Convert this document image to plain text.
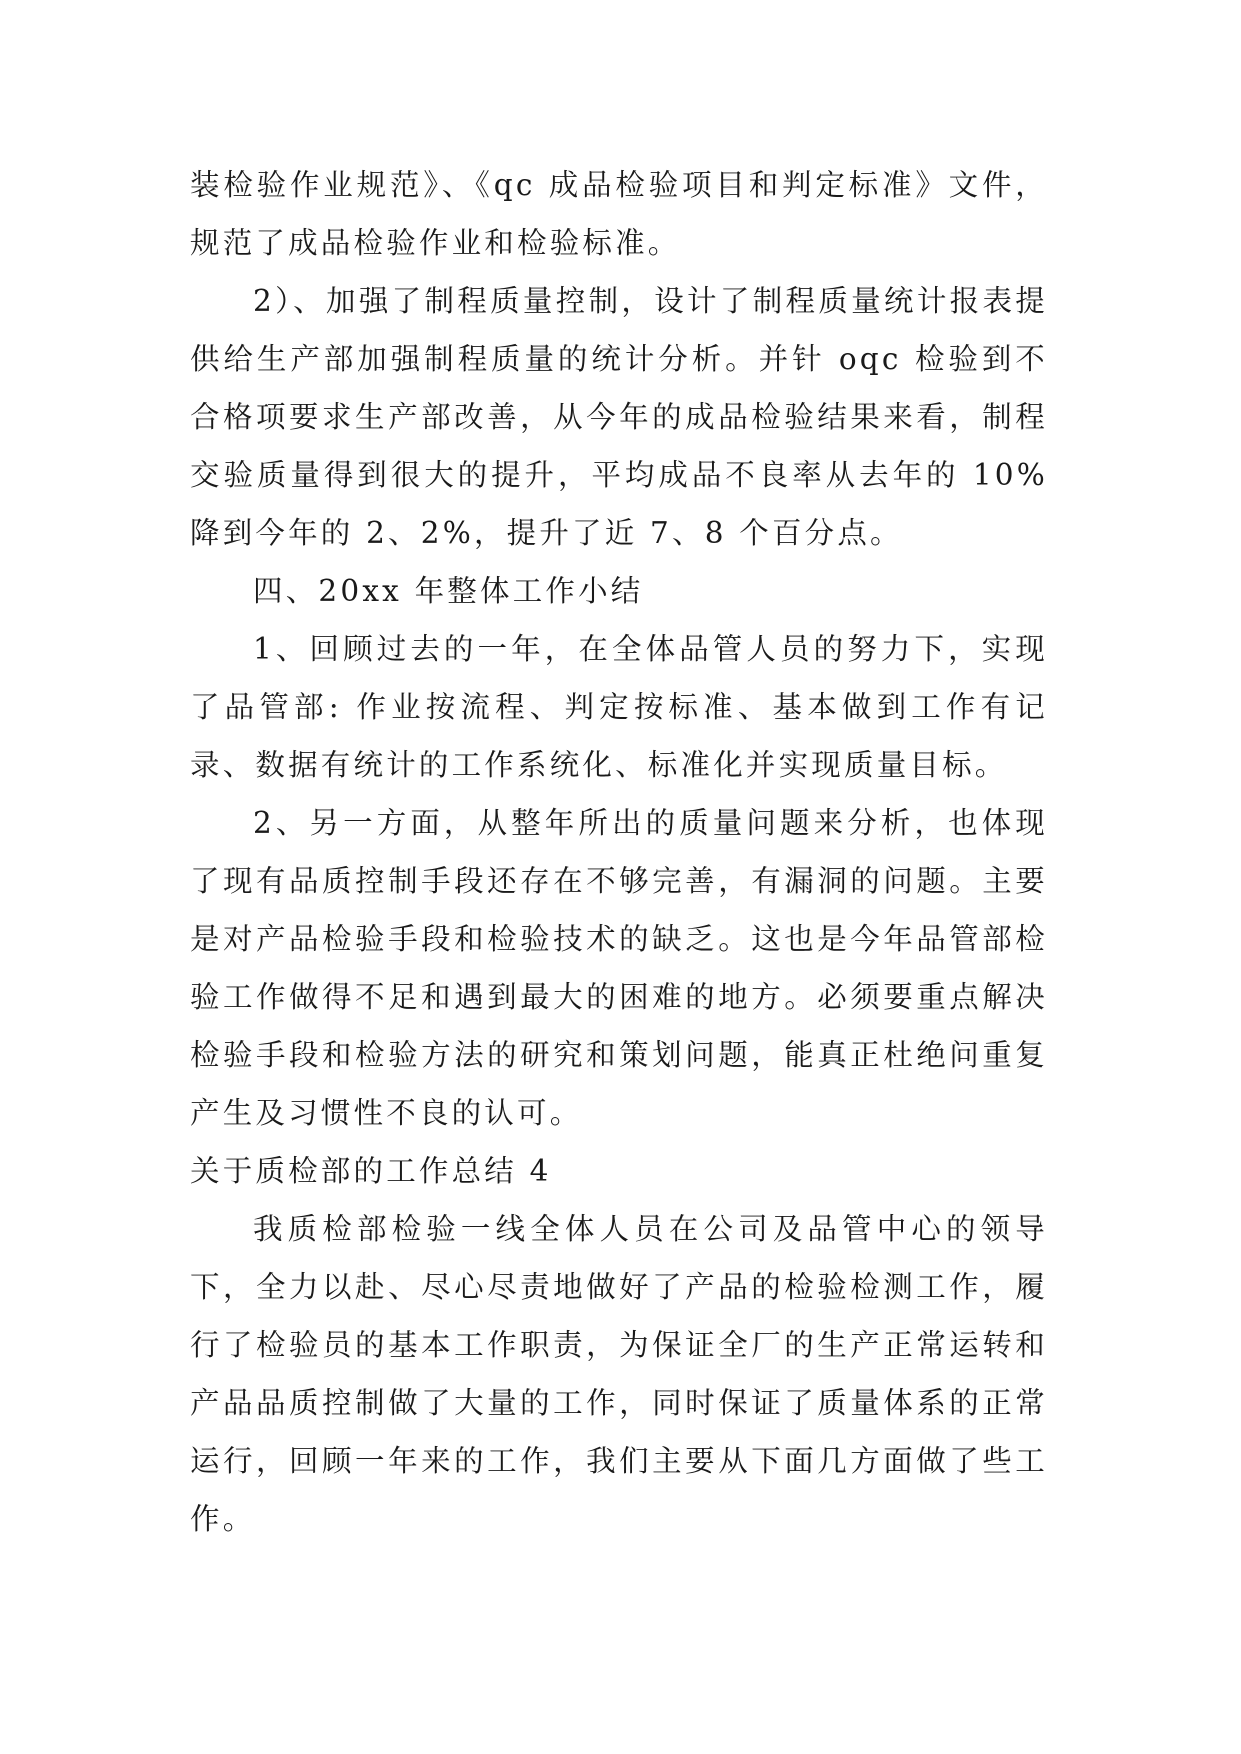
装检验作业规范》、《qc 成品检验项目和判定标准》文件，规范了成品检验作业和检验标准。

2）、加强了制程质量控制，设计了制程质量统计报表提供给生产部加强制程质量的统计分析。并针 oqc 检验到不合格项要求生产部改善，从今年的成品检验结果来看，制程交验质量得到很大的提升，平均成品不良率从去年的 10%降到今年的 2、2%，提升了近 7、8 个百分点。

四、20xx 年整体工作小结

1、回顾过去的一年，在全体品管人员的努力下，实现了品管部: 作业按流程、判定按标准、基本做到工作有记录、数据有统计的工作系统化、标准化并实现质量目标。

2、另一方面，从整年所出的质量问题来分析，也体现了现有品质控制手段还存在不够完善，有漏洞的问题。主要是对产品检验手段和检验技术的缺乏。这也是今年品管部检验工作做得不足和遇到最大的困难的地方。必须要重点解决检验手段和检验方法的研究和策划问题，能真正杜绝问重复产生及习惯性不良的认可。

关于质检部的工作总结 4

我质检部检验一线全体人员在公司及品管中心的领导下，全力以赴、尽心尽责地做好了产品的检验检测工作，履行了检验员的基本工作职责，为保证全厂的生产正常运转和产品品质控制做了大量的工作，同时保证了质量体系的正常运行，回顾一年来的工作，我们主要从下面几方面做了些工作。
